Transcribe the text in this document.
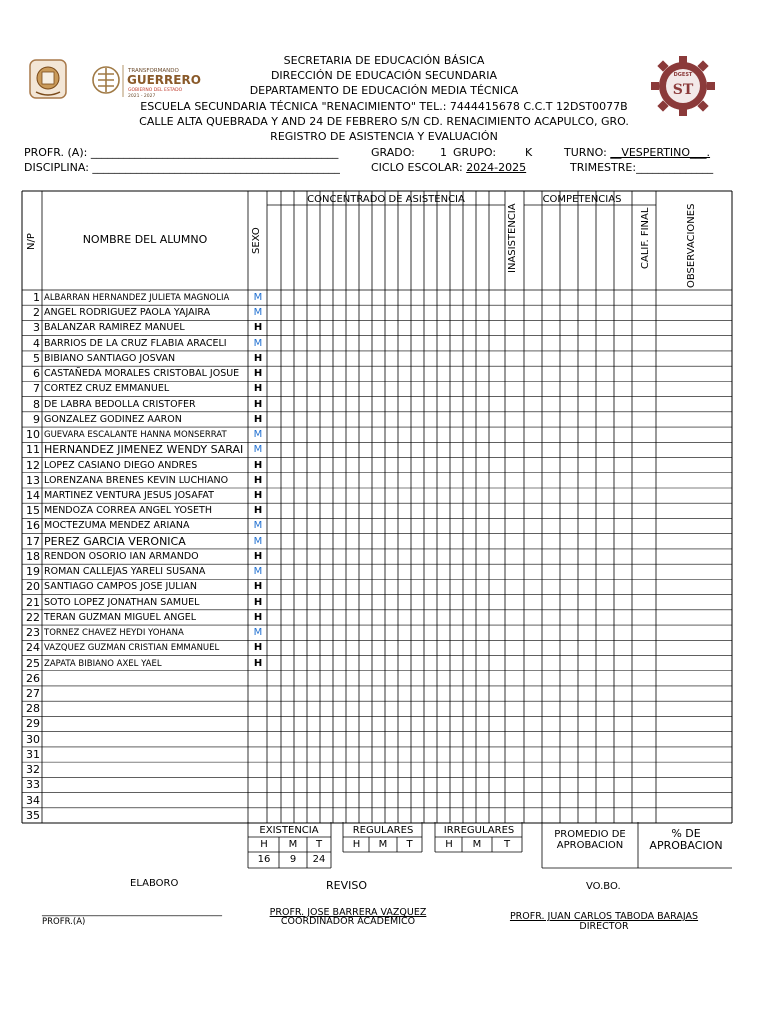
TRANSFORMANDO
GUERRERO
GOBIERNO DEL ESTADO
2021 - 2027
DGEST
ST
SECRETARIA DE EDUCACIÓN BÁSICA
DIRECCIÓN DE EDUCACIÓN SECUNDARIA
DEPARTAMENTO DE EDUCACIÓN MEDIA TÉCNICA
ESCUELA SECUNDARIA TÉCNICA "RENACIMIENTO" TEL.: 7444415678 C.C.T 12DST0077B
CALLE ALTA QUEBRADA Y AND 24 DE FEBRERO S/N CD. RENACIMIENTO ACAPULCO, GRO.
REGISTRO DE ASISTENCIA Y EVALUACIÓN
PROFR. (A): _____________________________________________	GRADO: 1 GRUPO:	K	TURNO: __VESPERTINO___.
DISCIPLINA: _____________________________________________	CICLO ESCOLAR: 2024-2025	TRIMESTRE:______________
N/P	NOMBRE DEL ALUMNO	SEXO
CONCENTRADO DE ASISTENCIA
INASISTENCIA
COMPETENCIAS
CALIF. FINAL	OBSERVACIONES
1 ALBARRAN HERNANDEZ JULIETA MAGNOLIA	M
2 ANGEL RODRIGUEZ PAOLA YAJAIRA	M
3 BALANZAR RAMIREZ MANUEL	H
4 BARRIOS DE LA CRUZ FLABIA ARACELI	M
5 BIBIANO SANTIAGO JOSVAN	H
6 CASTAÑEDA MORALES CRISTOBAL JOSUE	H
7 CORTEZ CRUZ EMMANUEL	H
8 DE LABRA BEDOLLA CRISTOFER	H
9 GONZALEZ GODINEZ AARON	H
10 GUEVARA ESCALANTE HANNA MONSERRAT	M
11 HERNANDEZ JIMENEZ WENDY SARAI	M
12 LOPEZ CASIANO DIEGO ANDRES	H
13 LORENZANA BRENES KEVIN LUCHIANO	H
14 MARTINEZ VENTURA JESUS JOSAFAT	H
15 MENDOZA CORREA ANGEL YOSETH	H
16 MOCTEZUMA MENDEZ ARIANA	M
17 PEREZ GARCIA VERONICA	M
18 RENDON OSORIO IAN ARMANDO	H
19 ROMAN CALLEJAS YARELI SUSANA	M
20 SANTIAGO CAMPOS JOSE JULIAN	H
21 SOTO LOPEZ JONATHAN SAMUEL	H
22 TERAN GUZMAN MIGUEL ANGEL	H
23 TORNEZ CHAVEZ HEYDI YOHANA	M
24 VAZQUEZ GUZMAN CRISTIAN EMMANUEL	H
25 ZAPATA BIBIANO AXEL YAEL	H
26
27
28
29
30
31
32
33
34
35
EXISTENCIA	REGULARES	IRREGULARES
H	M	T	H	M	T	H	M	T
16	9	24
PROMEDIO DE
APROBACION
% DE
APROBACION
ELABORO	REVISO	VO.BO.
____________________________________
PROFR.(A)
PROFR. JOSE BARRERA VAZQUEZ
COORDINADOR ACADEMICO	PROFR. JUAN CARLOS TABODA BARAJAS
DIRECTOR
